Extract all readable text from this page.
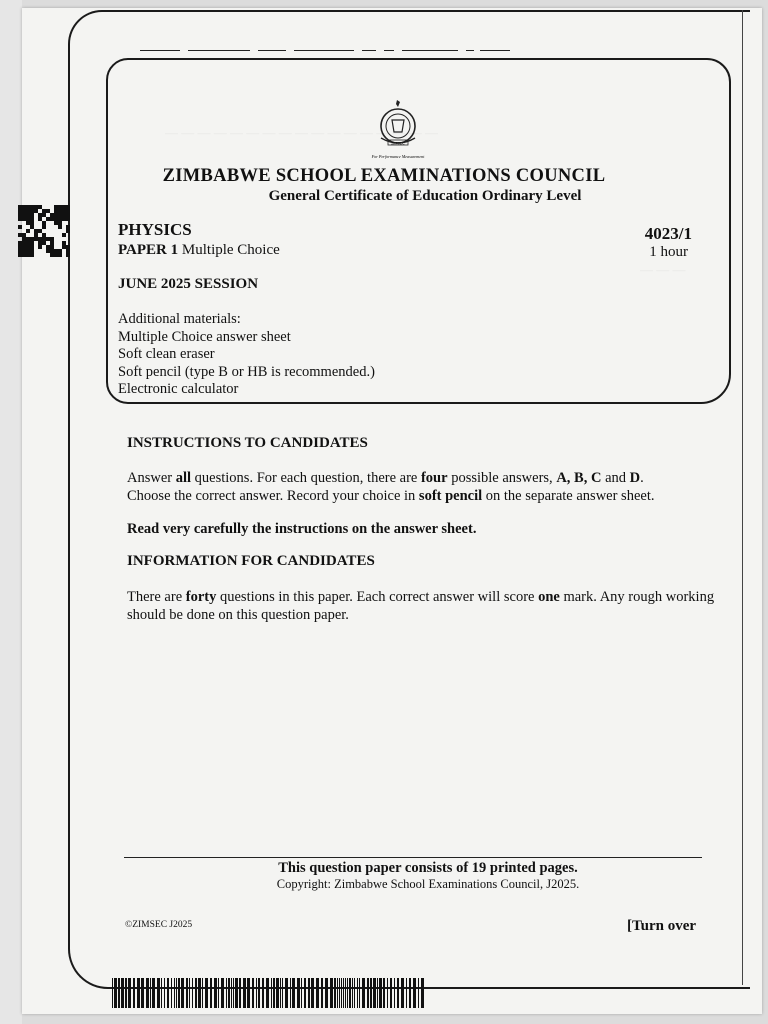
— — — — — — — — — — — — — — — — —
— — —
ZIMSEC
For Performance Measurement
ZIMBABWE SCHOOL EXAMINATIONS COUNCIL
General Certificate of Education Ordinary Level
PHYSICS	4023/1
PAPER 1 Multiple Choice	1 hour
JUNE 2025 SESSION
Additional materials:
Multiple Choice answer sheet
Soft clean eraser
Soft pencil (type B or HB is recommended.)
Electronic calculator
INSTRUCTIONS TO CANDIDATES
Answer all questions. For each question, there are four possible answers, A, B, C and D.
Choose the correct answer. Record your choice in soft pencil on the separate answer sheet.
Read very carefully the instructions on the answer sheet.
INFORMATION FOR CANDIDATES
There are forty questions in this paper. Each correct answer will score one mark. Any rough working should be done on this question paper.
This question paper consists of 19 printed pages.
Copyright: Zimbabwe School Examinations Council, J2025.
©ZIMSEC J2025	[Turn over
